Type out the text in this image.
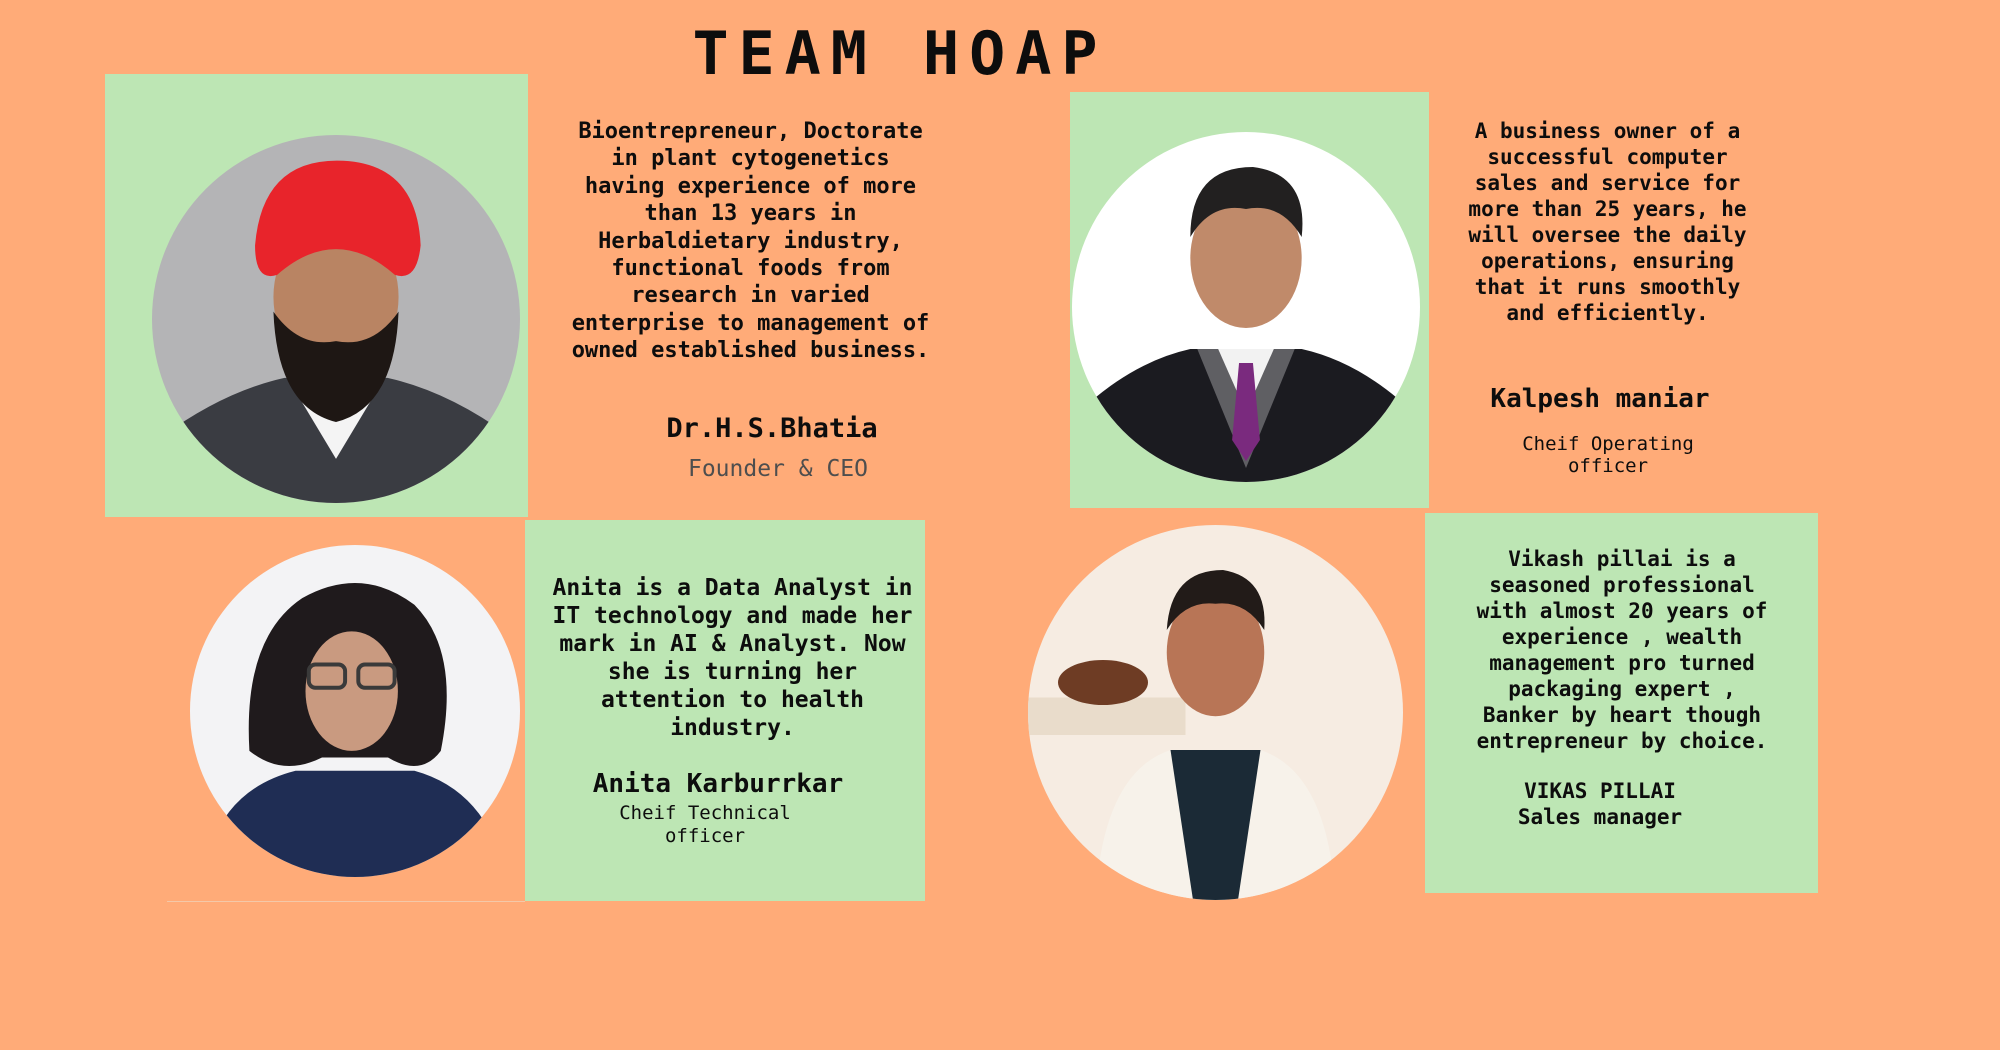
TEAM HOAP

Bioentrepreneur, Doctorate
in plant cytogenetics
having experience of more
than 13 years in
Herbaldietary industry,
functional foods from
research in varied
enterprise to management of
owned established business.

Dr.H.S.Bhatia

Founder & CEO

A business owner of a
successful computer
sales and service for
more than 25 years, he
will oversee the daily
operations, ensuring
that it runs smoothly
and efficiently.

Kalpesh maniar

Cheif Operating
officer

Anita is a Data Analyst in
IT technology and made her
mark in AI & Analyst. Now
she is turning her
attention to health
industry.

Anita Karburrkar

Cheif Technical
officer

Vikash pillai is a
seasoned professional
with almost 20 years of
experience , wealth
management pro turned
packaging expert ,
Banker by heart though
entrepreneur by choice.

VIKAS PILLAI

Sales manager
